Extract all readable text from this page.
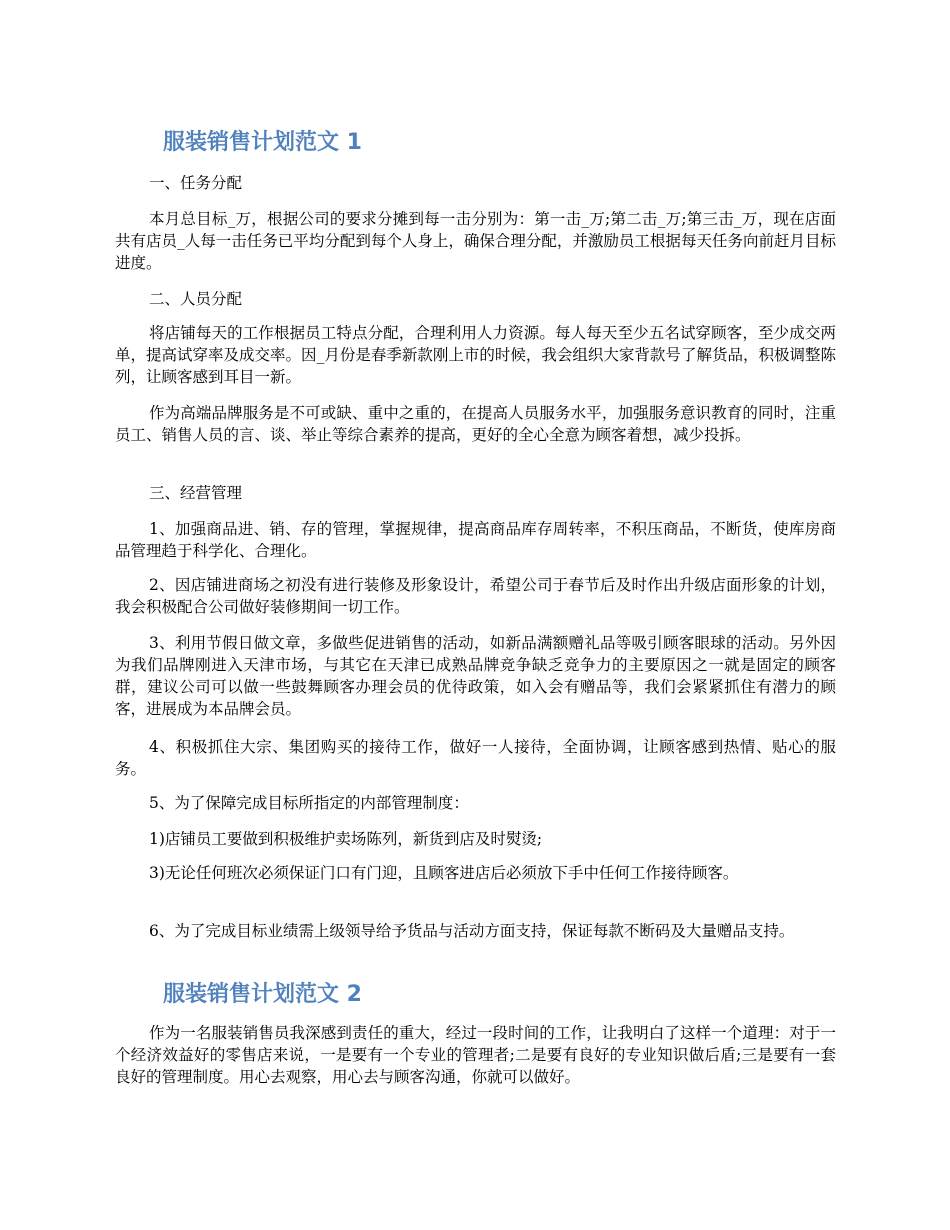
服装销售计划范文 1

一、任务分配

本月总目标_万，根据公司的要求分摊到每一击分别为：第一击_万;第二击_万;第三击_万，现在店面共有店员_人每一击任务已平均分配到每个人身上，确保合理分配，并激励员工根据每天任务向前赶月目标进度。

二、人员分配

将店铺每天的工作根据员工特点分配，合理利用人力资源。每人每天至少五名试穿顾客，至少成交两单，提高试穿率及成交率。因_月份是春季新款刚上市的时候，我会组织大家背款号了解货品，积极调整陈列，让顾客感到耳目一新。

作为高端品牌服务是不可或缺、重中之重的，在提高人员服务水平，加强服务意识教育的同时，注重员工、销售人员的言、谈、举止等综合素养的提高，更好的全心全意为顾客着想，减少投拆。

三、经营管理

1、加强商品进、销、存的管理，掌握规律，提高商品库存周转率，不积压商品，不断货，使库房商品管理趋于科学化、合理化。

2、因店铺进商场之初没有进行装修及形象设计，希望公司于春节后及时作出升级店面形象的计划，我会积极配合公司做好装修期间一切工作。

3、利用节假日做文章，多做些促进销售的活动，如新品满额赠礼品等吸引顾客眼球的活动。另外因为我们品牌刚进入天津市场，与其它在天津已成熟品牌竞争缺乏竞争力的主要原因之一就是固定的顾客群，建议公司可以做一些鼓舞顾客办理会员的优待政策，如入会有赠品等，我们会紧紧抓住有潜力的顾客，进展成为本品牌会员。

4、积极抓住大宗、集团购买的接待工作，做好一人接待，全面协调，让顾客感到热情、贴心的服务。

5、为了保障完成目标所指定的内部管理制度：

1)店铺员工要做到积极维护卖场陈列，新货到店及时熨烫;

3)无论任何班次必须保证门口有门迎，且顾客进店后必须放下手中任何工作接待顾客。

6、为了完成目标业绩需上级领导给予货品与活动方面支持，保证每款不断码及大量赠品支持。

服装销售计划范文 2

作为一名服装销售员我深感到责任的重大，经过一段时间的工作，让我明白了这样一个道理：对于一个经济效益好的零售店来说，一是要有一个专业的管理者;二是要有良好的专业知识做后盾;三是要有一套良好的管理制度。用心去观察，用心去与顾客沟通，你就可以做好。
